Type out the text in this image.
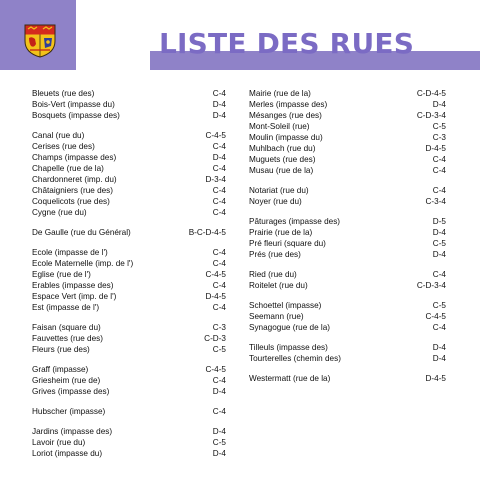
LISTE DES RUES
Bleuets (rue des)	C-4
Bois-Vert (impasse du)	D-4
Bosquets (impasse des)	D-4
Canal (rue du)	C-4-5
Cerises (rue des)	C-4
Champs (impasse des)	D-4
Chapelle (rue de la)	C-4
Chardonneret (imp. du)	D-3-4
Châtaigniers (rue des)	C-4
Coquelicots (rue des)	C-4
Cygne (rue du)	C-4
De Gaulle (rue du Général)	B-C-D-4-5
Ecole (impasse de l')	C-4
Ecole Maternelle (imp. de l')	C-4
Eglise (rue de l')	C-4-5
Erables (impasse des)	C-4
Espace Vert (imp. de l')	D-4-5
Est (impasse de l')	C-4
Faisan (square du)	C-3
Fauvettes (rue des)	C-D-3
Fleurs (rue des)	C-5
Graff (impasse)	C-4-5
Griesheim (rue de)	C-4
Grives (impasse des)	D-4
Hubscher (impasse)	C-4
Jardins (impasse des)	D-4
Lavoir (rue du)	C-5
Loriot (impasse du)	D-4
Mairie (rue de la)	C-D-4-5
Merles (impasse des)	D-4
Mésanges (rue des)	C-D-3-4
Mont-Soleil (rue)	C-5
Moulin (impasse du)	C-3
Muhlbach (rue du)	D-4-5
Muguets (rue des)	C-4
Musau (rue de la)	C-4
Notariat (rue du)	C-4
Noyer (rue du)	C-3-4
Pâturages (impasse des)	D-5
Prairie (rue de la)	D-4
Pré fleuri (square du)	C-5
Prés (rue des)	D-4
Ried (rue du)	C-4
Roitelet (rue du)	C-D-3-4
Schoettel (impasse)	C-5
Seemann (rue)	C-4-5
Synagogue (rue de la)	C-4
Tilleuls (impasse des)	D-4
Tourterelles (chemin des)	D-4
Westermatt (rue de la)	D-4-5
